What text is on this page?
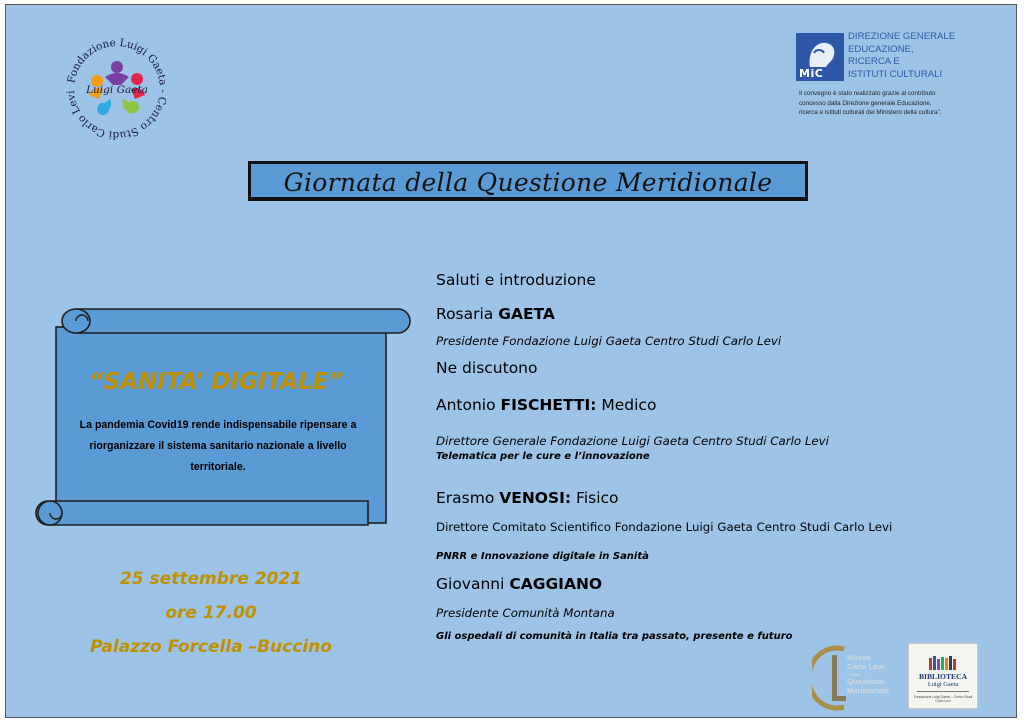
Fondazione Luigi Gaeta - Centro Studi Carlo Levi Luigi Gaeta
MiC
DIREZIONE GENERALE
EDUCAZIONE,
RICERCA E
ISTITUTI CULTURALI
Il convegno è stato realizzato grazie al contributo concesso dalla Direzione generale Educazione, ricerca e istituti culturali del Ministero della cultura".
Giornata della Questione Meridionale
“SANITA’ DIGITALE”
La pandemia Covid19 rende indispensabile ripensare a riorganizzare il sistema sanitario nazionale a livello territoriale.
25 settembre 2021
ore 17.00
Palazzo Forcella –Buccino
Saluti e introduzione
Rosaria GAETA
Presidente Fondazione Luigi Gaeta Centro Studi Carlo Levi
Ne discutono
Antonio FISCHETTI: Medico
Direttore Generale Fondazione Luigi Gaeta Centro Studi Carlo Levi
Telematica per le cure e l’innovazione
Erasmo VENOSI: Fisico
Direttore Comitato Scientifico Fondazione Luigi Gaeta Centro Studi Carlo Levi
PNRR e Innovazione digitale in Sanità
Giovanni CAGGIANO
Presidente Comunità Montana
Gli ospedali di comunità in Italia tra passato, presente e futuro
Museo
Carlo Levi
e della
Questione
Meridionale
BIBLIOTECA
Luigi Gaeta
Fondazione Luigi Gaeta – Centro Studi Carlo Levi
